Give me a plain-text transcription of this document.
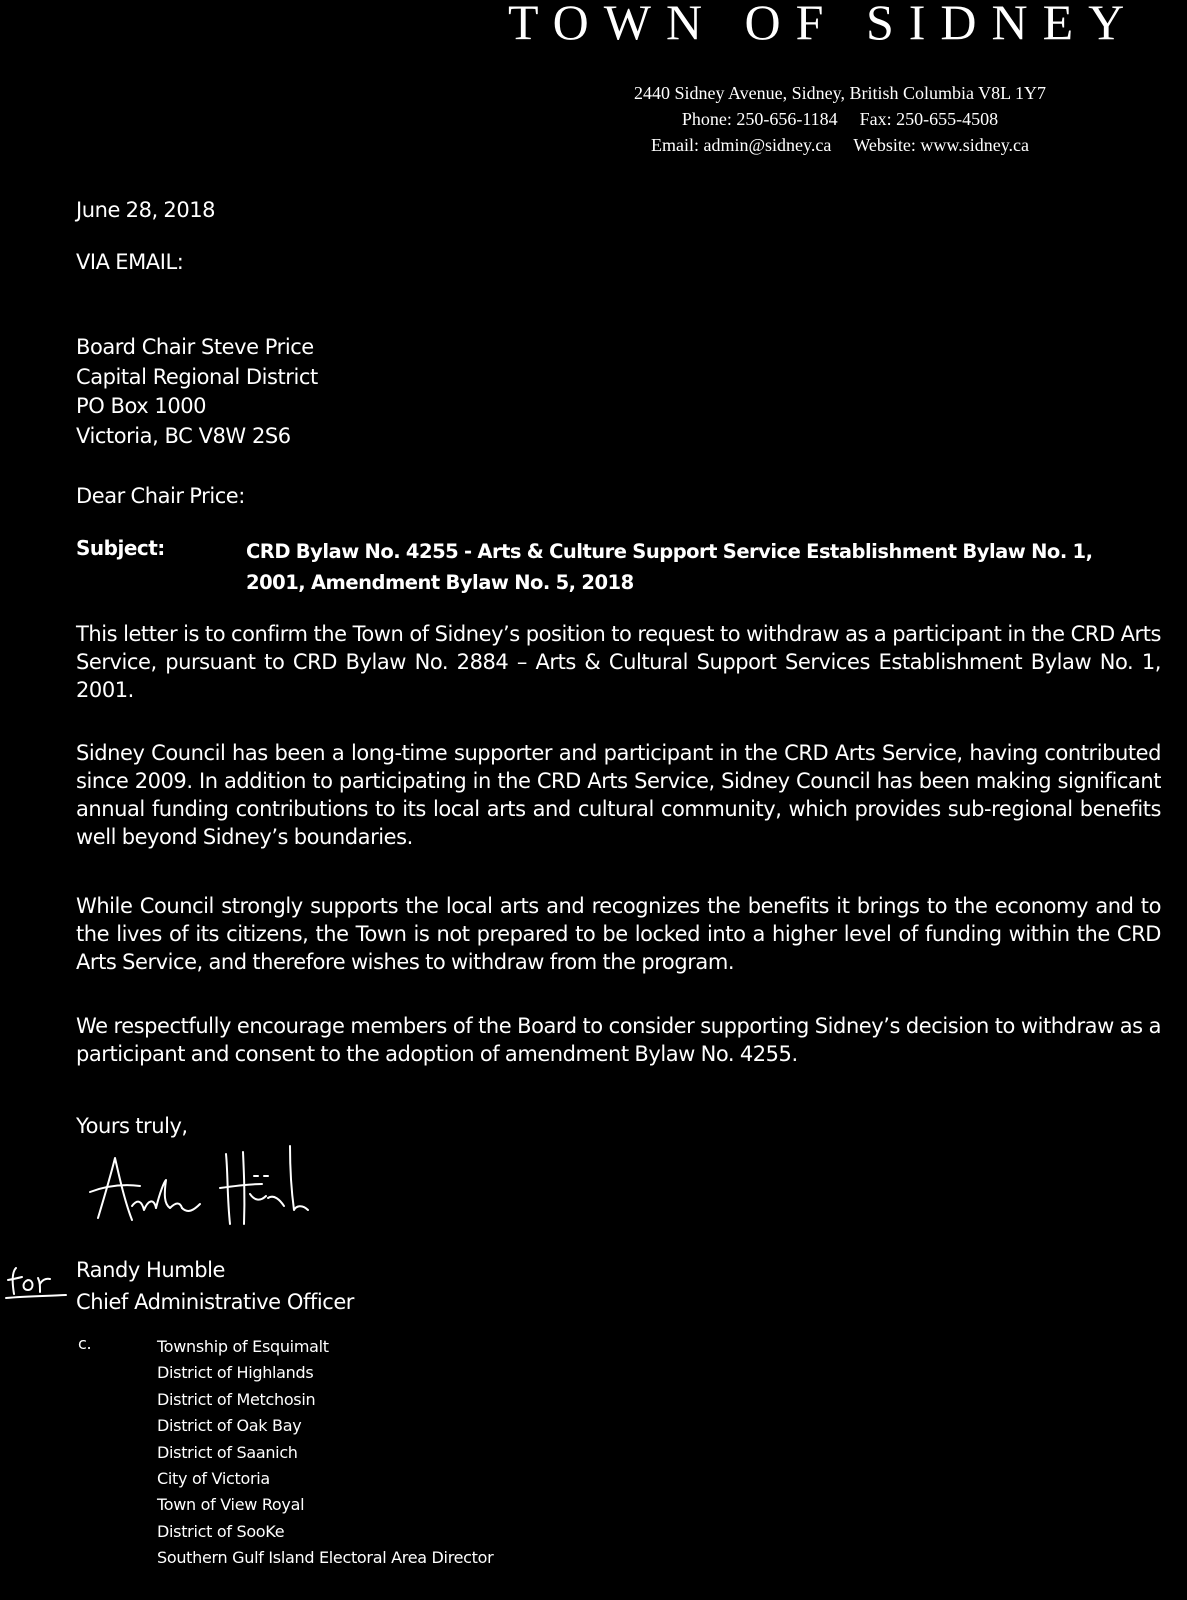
TOWN OF SIDNEY
2440 Sidney Avenue, Sidney, British Columbia V8L 1Y7
Phone: 250-656-1184 Fax: 250-655-4508
Email: admin@sidney.ca Website: www.sidney.ca
June 28, 2018
VIA EMAIL:
Board Chair Steve Price
Capital Regional District
PO Box 1000
Victoria, BC V8W 2S6
Dear Chair Price:
Subject:	CRD Bylaw No. 4255 - Arts & Culture Support Service Establishment Bylaw No. 1,
2001, Amendment Bylaw No. 5, 2018
This letter is to confirm the Town of Sidney’s position to request to withdraw as a participant in the CRD Arts Service, pursuant to CRD Bylaw No. 2884 – Arts & Cultural Support Services Establishment Bylaw No. 1, 2001.
Sidney Council has been a long-time supporter and participant in the CRD Arts Service, having contributed since 2009. In addition to participating in the CRD Arts Service, Sidney Council has been making significant annual funding contributions to its local arts and cultural community, which provides sub-regional benefits well beyond Sidney’s boundaries.
While Council strongly supports the local arts and recognizes the benefits it brings to the economy and to the lives of its citizens, the Town is not prepared to be locked into a higher level of funding within the CRD Arts Service, and therefore wishes to withdraw from the program.
We respectfully encourage members of the Board to consider supporting Sidney’s decision to withdraw as a participant and consent to the adoption of amendment Bylaw No. 4255.
Yours truly,
Randy Humble
Chief Administrative Officer
c.	Township of Esquimalt
District of Highlands
District of Metchosin
District of Oak Bay
District of Saanich
City of Victoria
Town of View Royal
District of SooKe
Southern Gulf Island Electoral Area Director
